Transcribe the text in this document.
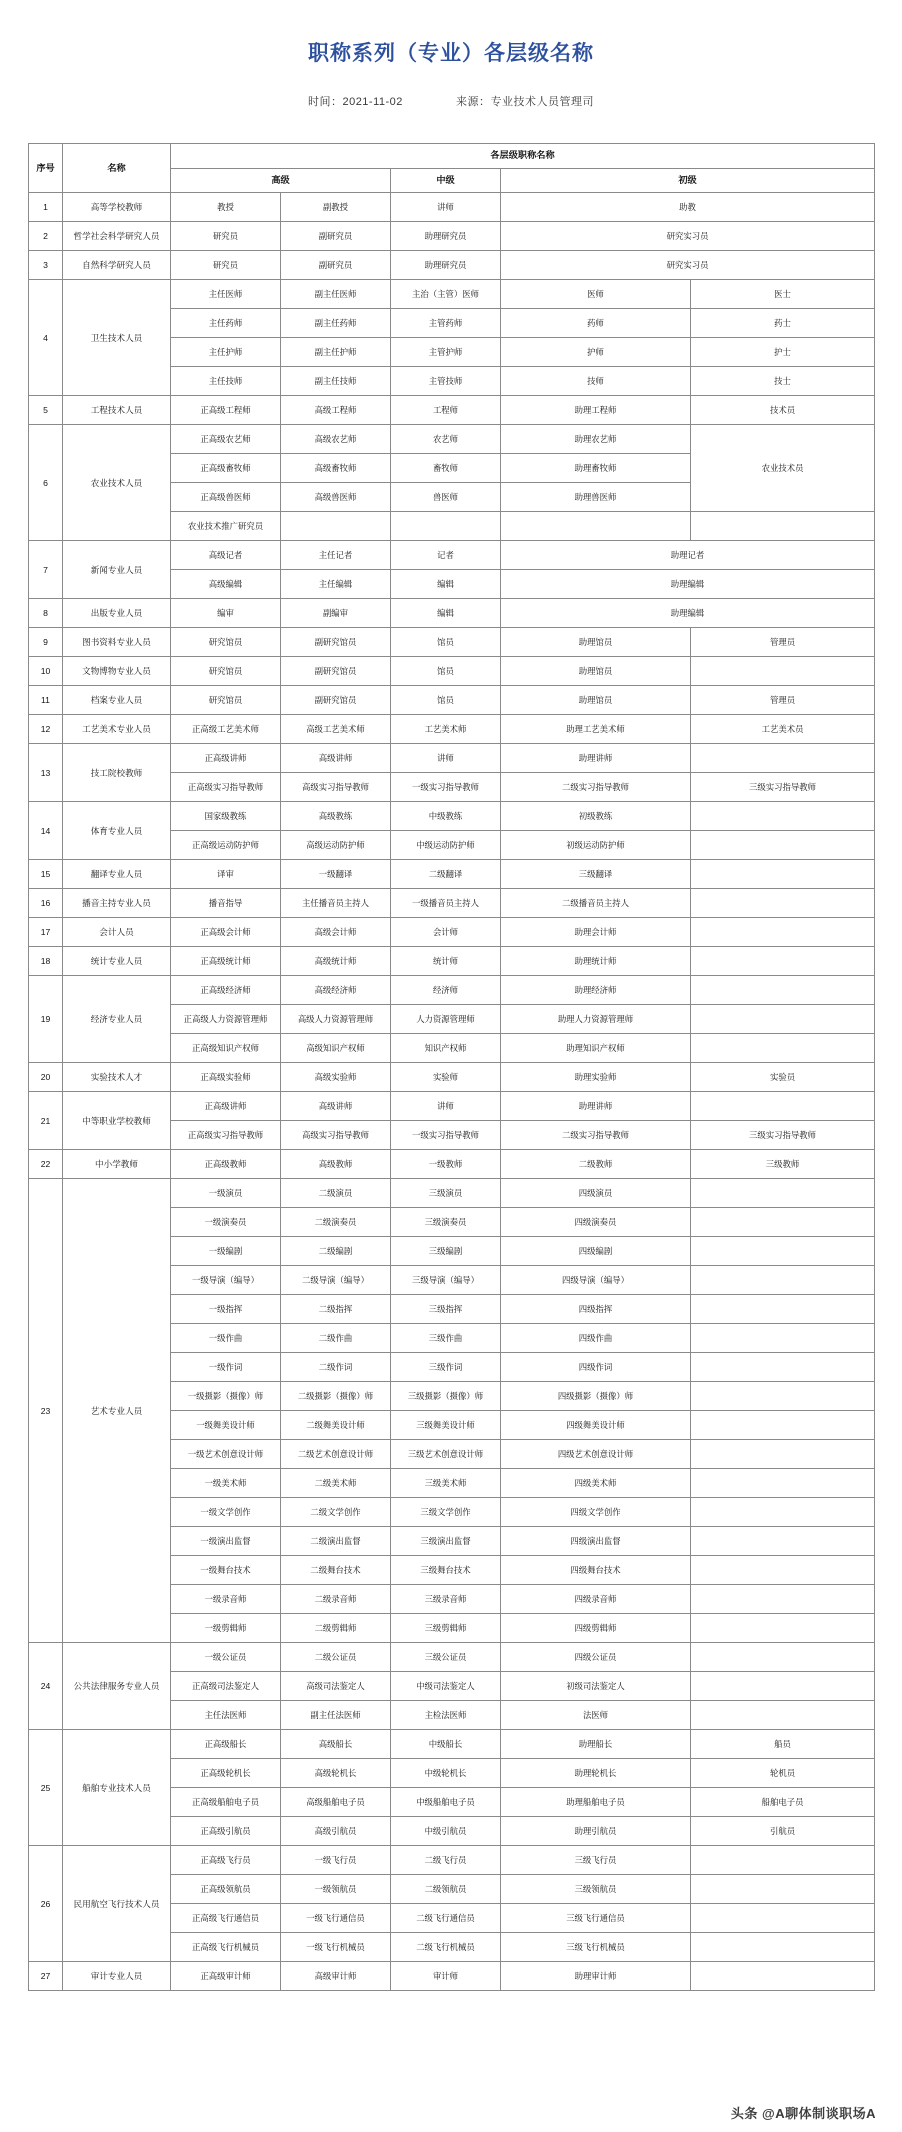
职称系列（专业）各层级名称
时间：2021-11-02	来源：专业技术人员管理司
序号	名称	各层级职称名称				
		高级		中级	初级	
1	高等学校教师	教授	副教授	讲师	助教	
2	哲学社会科学研究人员	研究员	副研究员	助理研究员	研究实习员	
3	自然科学研究人员	研究员	副研究员	助理研究员	研究实习员	
4	卫生技术人员	主任医师	副主任医师	主治（主管）医师	医师	医士
		主任药师	副主任药师	主管药师	药师	药士
		主任护师	副主任护师	主管护师	护师	护士
		主任技师	副主任技师	主管技师	技师	技士
5	工程技术人员	正高级工程师	高级工程师	工程师	助理工程师	技术员
6	农业技术人员	正高级农艺师	高级农艺师	农艺师	助理农艺师	农业技术员
		正高级畜牧师	高级畜牧师	畜牧师	助理畜牧师	
		正高级兽医师	高级兽医师	兽医师	助理兽医师	
		农业技术推广研究员				
7	新闻专业人员	高级记者	主任记者	记者	助理记者	
		高级编辑	主任编辑	编辑	助理编辑	
8	出版专业人员	编审	副编审	编辑	助理编辑	
9	图书资料专业人员	研究馆员	副研究馆员	馆员	助理馆员	管理员
10	文物博物专业人员	研究馆员	副研究馆员	馆员	助理馆员	
11	档案专业人员	研究馆员	副研究馆员	馆员	助理馆员	管理员
12	工艺美术专业人员	正高级工艺美术师	高级工艺美术师	工艺美术师	助理工艺美术师	工艺美术员
13	技工院校教师	正高级讲师	高级讲师	讲师	助理讲师	
		正高级实习指导教师	高级实习指导教师	一级实习指导教师	二级实习指导教师	三级实习指导教师
14	体育专业人员	国家级教练	高级教练	中级教练	初级教练	
		正高级运动防护师	高级运动防护师	中级运动防护师	初级运动防护师	
15	翻译专业人员	译审	一级翻译	二级翻译	三级翻译	
16	播音主持专业人员	播音指导	主任播音员主持人	一级播音员主持人	二级播音员主持人	
17	会计人员	正高级会计师	高级会计师	会计师	助理会计师	
18	统计专业人员	正高级统计师	高级统计师	统计师	助理统计师	
19	经济专业人员	正高级经济师	高级经济师	经济师	助理经济师	
		正高级人力资源管理师	高级人力资源管理师	人力资源管理师	助理人力资源管理师	
		正高级知识产权师	高级知识产权师	知识产权师	助理知识产权师	
20	实验技术人才	正高级实验师	高级实验师	实验师	助理实验师	实验员
21	中等职业学校教师	正高级讲师	高级讲师	讲师	助理讲师	
		正高级实习指导教师	高级实习指导教师	一级实习指导教师	二级实习指导教师	三级实习指导教师
22	中小学教师	正高级教师	高级教师	一级教师	二级教师	三级教师
23	艺术专业人员	一级演员	二级演员	三级演员	四级演员	
		一级演奏员	二级演奏员	三级演奏员	四级演奏员	
		一级编剧	二级编剧	三级编剧	四级编剧	
		一级导演（编导）	二级导演（编导）	三级导演（编导）	四级导演（编导）	
		一级指挥	二级指挥	三级指挥	四级指挥	
		一级作曲	二级作曲	三级作曲	四级作曲	
		一级作词	二级作词	三级作词	四级作词	
		一级摄影（摄像）师	二级摄影（摄像）师	三级摄影（摄像）师	四级摄影（摄像）师	
		一级舞美设计师	二级舞美设计师	三级舞美设计师	四级舞美设计师	
		一级艺术创意设计师	二级艺术创意设计师	三级艺术创意设计师	四级艺术创意设计师	
		一级美术师	二级美术师	三级美术师	四级美术师	
		一级文学创作	二级文学创作	三级文学创作	四级文学创作	
		一级演出监督	二级演出监督	三级演出监督	四级演出监督	
		一级舞台技术	二级舞台技术	三级舞台技术	四级舞台技术	
		一级录音师	二级录音师	三级录音师	四级录音师	
		一级剪辑师	二级剪辑师	三级剪辑师	四级剪辑师	
24	公共法律服务专业人员	一级公证员	二级公证员	三级公证员	四级公证员	
		正高级司法鉴定人	高级司法鉴定人	中级司法鉴定人	初级司法鉴定人	
		主任法医师	副主任法医师	主检法医师	法医师	
25	船舶专业技术人员	正高级船长	高级船长	中级船长	助理船长	船员
		正高级轮机长	高级轮机长	中级轮机长	助理轮机长	轮机员
		正高级船舶电子员	高级船舶电子员	中级船舶电子员	助理船舶电子员	船舶电子员
		正高级引航员	高级引航员	中级引航员	助理引航员	引航员
26	民用航空飞行技术人员	正高级飞行员	一级飞行员	二级飞行员	三级飞行员	
		正高级领航员	一级领航员	二级领航员	三级领航员	
		正高级飞行通信员	一级飞行通信员	二级飞行通信员	三级飞行通信员	
		正高级飞行机械员	一级飞行机械员	二级飞行机械员	三级飞行机械员	
27	审计专业人员	正高级审计师	高级审计师	审计师	助理审计师	
头条 @A聊体制谈职场A
